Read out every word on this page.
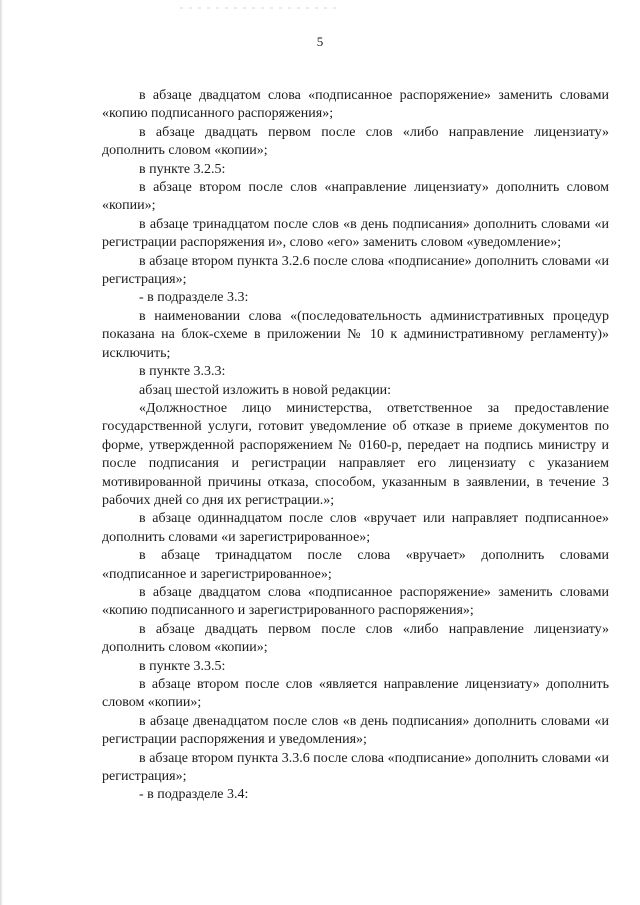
5

в абзаце двадцатом слова «подписанное распоряжение» заменить словами «копию подписанного распоряжения»;

в абзаце двадцать первом после слов «либо направление лицензиату» дополнить словом «копии»;

в пункте 3.2.5:

в абзаце втором после слов «направление лицензиату» дополнить словом «копии»;

в абзаце тринадцатом после слов «в день подписания» дополнить словами «и регистрации распоряжения и», слово «его» заменить словом «уведомление»;

в абзаце втором пункта 3.2.6 после слова «подписание» дополнить словами «и регистрация»;

- в подразделе 3.3:

в наименовании слова «(последовательность административных процедур показана на блок-схеме в приложении № 10 к административному регламенту)» исключить;

в пункте 3.3.3:

абзац шестой изложить в новой редакции:

«Должностное лицо министерства, ответственное за предоставление государственной услуги, готовит уведомление об отказе в приеме документов по форме, утвержденной распоряжением № 0160-р, передает на подпись министру и после подписания и регистрации направляет его лицензиату с указанием мотивированной причины отказа, способом, указанным в заявлении, в течение 3 рабочих дней со дня их регистрации.»;

в абзаце одиннадцатом после слов «вручает или направляет подписанное» дополнить словами «и зарегистрированное»;

в абзаце тринадцатом после слова «вручает» дополнить словами «подписанное и зарегистрированное»;

в абзаце двадцатом слова «подписанное распоряжение» заменить словами «копию подписанного и зарегистрированного распоряжения»;

в абзаце двадцать первом после слов «либо направление лицензиату» дополнить словом «копии»;

в пункте 3.3.5:

в абзаце втором после слов «является направление лицензиату» дополнить словом «копии»;

в абзаце двенадцатом после слов «в день подписания» дополнить словами «и регистрации распоряжения и уведомления»;

в абзаце втором пункта 3.3.6 после слова «подписание» дополнить словами «и регистрация»;

- в подразделе 3.4:
